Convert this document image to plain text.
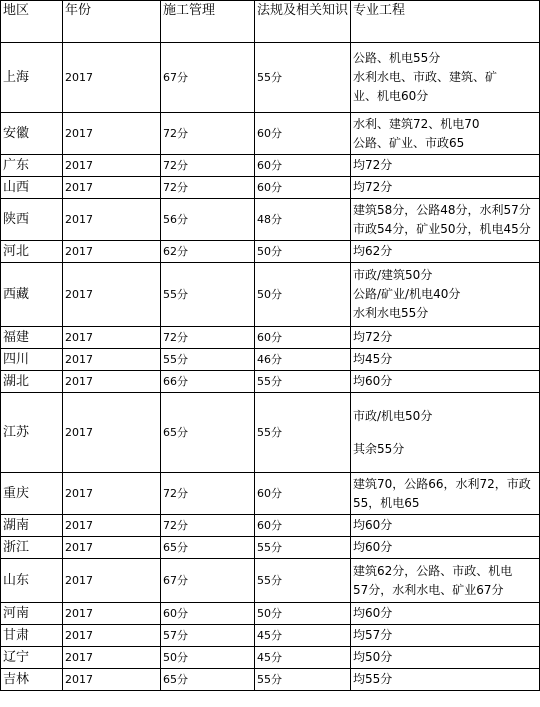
地区	年份	施工管理	法规及相关知识	专业工程
上海	2017	67分	55分	公路、机电55分
水利水电、市政、建筑、矿
业、机电60分

安徽	2017	72分	60分	水利、建筑72、机电70
公路、矿业、市政65

广东	2017	72分	60分	均72分

山西	2017	72分	60分	均72分

陕西	2017	56分	48分	建筑58分，公路48分，水利57分
市政54分，矿业50分，机电45分

河北	2017	62分	50分	均62分

西藏	2017	55分	50分	市政/建筑50分
公路/矿业/机电40分
水利水电55分

福建	2017	72分	60分	均72分

四川	2017	55分	46分	均45分

湖北	2017	66分	55分	均60分

江苏	2017	65分	55分	市政/机电50分
其余55分

重庆	2017	72分	60分	建筑70，公路66，水利72，市政
55，机电65

湖南	2017	72分	60分	均60分

浙江	2017	65分	55分	均60分

山东	2017	67分	55分	建筑62分，公路、市政、机电
57分，水利水电、矿业67分

河南	2017	60分	50分	均60分

甘肃	2017	57分	45分	均57分

辽宁	2017	50分	45分	均50分

吉林	2017	65分	55分	均55分
